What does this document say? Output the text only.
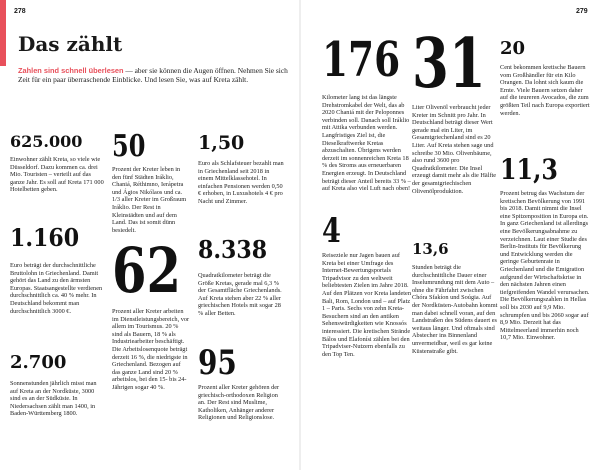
278
Das zählt
Zahlen sind schnell überlesen — aber sie können die Augen öffnen. Nehmen Sie sich Zeit für ein paar überraschende Einblicke. Und lesen Sie, was auf Kreta zählt.
625.000
Einwohner zählt Kreta, so viele wie Düsseldorf. Dazu kommen ca. drei Mio. Touristen – verteilt auf das ganze Jahr. Es soll auf Kreta 171 000 Hotelbetten geben.
1.160
Euro beträgt der durchschnittliche Bruttolohn in Griechenland. Damit gehört das Land zu den ärmsten Europas. Staatsangestellte verdienen durchschnittlich ca. 40 % mehr. In Deutschland bekommt man durchschnittlich 3000 €.
2.700
Sonnenstunden jährlich misst man auf Kreta an der Nordküste, 3000 sind es an der Südküste. In Niedersachsen zählt man 1400, in Baden-Württemberg 1800.
50
Prozent der Kreter leben in den fünf Städten Iráklio, Chaniá, Réthimno, Ierápetra und Ágios Nikólaos und ca. 1/3 aller Kreter im Großraum Iráklio. Der Rest in Kleinstädten und auf dem Land. Das ist somit dünn besiedelt.
62
Prozent aller Kreter arbeiten im Dienstleistungsbereich, vor allem im Tourismus. 20 % sind als Bauern, 18 % als Industriearbeiter beschäftigt. Die Arbeitslosenquote beträgt derzeit 16 %, die niedrigste in Griechenland. Bezogen auf das ganze Land sind 20 % arbeitslos, bei den 15- bis 24-Jährigen sogar 40 %.
1,50
Euro als Schlafsteuer bezahlt man in Griechenland seit 2018 in einem Mittelklassehotel. In einfachen Pensionen werden 0,50 € erhoben, in Luxushotels 4 € pro Nacht und Zimmer.
8.338
Quadratkilometer beträgt die Größe Kretas, gerade mal 6,3 % der Gesamtfläche Griechenlands. Auf Kreta stehen aber 22 % aller griechischen Hotels mit sogar 28 % aller Betten.
95
Prozent aller Kreter gehören der griechisch-orthodoxen Religion an. Der Rest sind Muslime, Katholiken, Anhänger anderer Religionen und Religionslose.
279
176
Kilometer lang ist das längste Drehstromkabel der Welt, das ab 2020 Chaniá mit der Peloponnes verbinden soll. Danach soll Iráklio mit Attika verbunden werden. Langfristiges Ziel ist, die Dieselkraftwerke Kretas abzuschalten. Übrigens werden derzeit im sonnenreichen Kreta 18 % des Stroms aus erneuerbaren Energien erzeugt. In Deutschland beträgt dieser Anteil bereits 33 % – auf Kreta also viel Luft nach oben!
4
Reiseziele nur Jagen bauen auf Kreta bei einer Umfrage des Internet-Bewertungsportals Tripadvisor zu den weltweit beliebtesten Zielen im Jahre 2018. Auf den Plätzen vor Kreta landeten Bali, Rom, London und – auf Platz 1 – Paris. Sechs von zehn Kreta-Besuchern sind an den antiken Sehenswürdigkeiten wie Knossós interessiert. Die kretischen Strände Bálos und Elafonísi zählen bei den Tripadviser-Nutzern ebenfalls zu den Top Ten.
31
Liter Olivenöl verbraucht jeder Kreter im Schnitt pro Jahr. In Deutschland beträgt dieser Wert gerade mal ein Liter, im Gesamtgriechenland sind es 20 Liter. Auf Kreta stehen sage und schreibe 30 Mio. Olivenbäume, also rund 3600 pro Quadratkilometer. Die Insel erzeugt damit mehr als die Hälfte der gesamtgriechischen Olivenölproduktion.
13,6
Stunden beträgt die durchschnittliche Dauer einer Inselumrundung mit dem Auto – ohne die Fährfahrt zwischen Chóra Sfakíon und Soúgia. Auf der Nordküsten-Autobahn kommt man dabei schnell voran, auf den Landstraßen des Südens dauert es weitaus länger. Und oftmals sind Abstecher ins Binnenland unvermeidbar, weil es gar keine Küstenstraße gibt.
20
Cent bekommen kretische Bauern vom Großhändler für ein Kilo Orangen. Da lohnt sich kaum die Ernte. Viele Bauern setzen daher auf die teureren Avocados, die zum größten Teil nach Europa exportiert werden.
11,3
Prozent betrug das Wachstum der kretischen Bevölkerung von 1991 bis 2018. Damit nimmt die Insel eine Spitzenposition in Europa ein. In ganz Griechenland ist allerdings eine Bevölkerungsabnahme zu verzeichnen. Laut einer Studie des Berlin-Instituts für Bevölkerung und Entwicklung werden die geringe Geburtenrate in Griechenland und die Emigration aufgrund der Wirtschaftskrise in den nächsten Jahren einen tiefgreifenden Wandel verursachen. Die Bevölkerungszahlen in Hellas soll bis 2030 auf 9,9 Mio. schrumpfen und bis 2060 sogar auf 8,9 Mio. Derzeit hat das Mittelmeerland immerhin noch 10,7 Mio. Einwohner.
